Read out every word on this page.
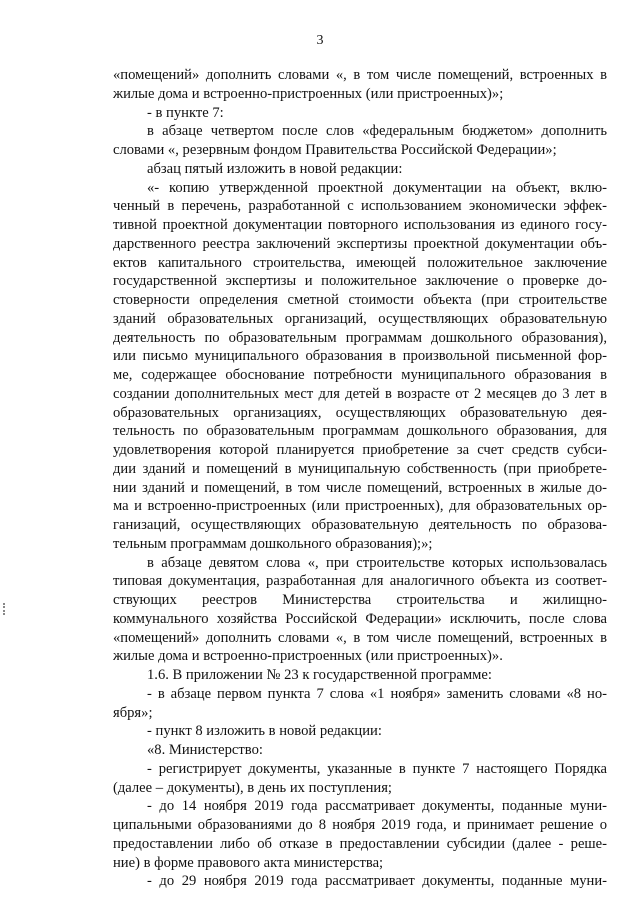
3
«помещений» дополнить словами «, в том числе помещений, встроенных в
жилые дома и встроенно-пристроенных (или пристроенных)»;
- в пункте 7:
в абзаце четвертом после слов «федеральным бюджетом» дополнить
словами «, резервным фондом Правительства Российской Федерации»;
абзац пятый изложить в новой редакции:
«- копию утвержденной проектной документации на объект, вклю-
ченный в перечень, разработанной с использованием экономически эффек-
тивной проектной документации повторного использования из единого госу-
дарственного реестра заключений экспертизы проектной документации объ-
ектов капитального строительства, имеющей положительное заключение
государственной экспертизы и положительное заключение о проверке до-
стоверности определения сметной стоимости объекта (при строительстве
зданий образовательных организаций, осуществляющих образовательную
деятельность по образовательным программам дошкольного образования),
или письмо муниципального образования в произвольной письменной фор-
ме, содержащее обоснование потребности муниципального образования в
создании дополнительных мест для детей в возрасте от 2 месяцев до 3 лет в
образовательных организациях, осуществляющих образовательную дея-
тельность по образовательным программам дошкольного образования, для
удовлетворения которой планируется приобретение за счет средств субси-
дии зданий и помещений в муниципальную собственность (при приобрете-
нии зданий и помещений, в том числе помещений, встроенных в жилые до-
ма и встроенно-пристроенных (или пристроенных), для образовательных ор-
ганизаций, осуществляющих образовательную деятельность по образова-
тельным программам дошкольного образования);»;
в абзаце девятом слова «, при строительстве которых использовалась
типовая документация, разработанная для аналогичного объекта из соответ-
ствующих реестров Министерства строительства и жилищно-
коммунального хозяйства Российской Федерации» исключить, после слова
«помещений» дополнить словами «, в том числе помещений, встроенных в
жилые дома и встроенно-пристроенных (или пристроенных)».
1.6. В приложении № 23 к государственной программе:
- в абзаце первом пункта 7 слова «1 ноября» заменить словами «8 но-
ября»;
- пункт 8 изложить в новой редакции:
«8. Министерство:
- регистрирует документы, указанные в пункте 7 настоящего Порядка
(далее – документы), в день их поступления;
- до 14 ноября 2019 года рассматривает документы, поданные муни-
ципальными образованиями до 8 ноября 2019 года, и принимает решение о
предоставлении либо об отказе в предоставлении субсидии (далее - реше-
ние) в форме правового акта министерства;
- до 29 ноября 2019 года рассматривает документы, поданные муни-
